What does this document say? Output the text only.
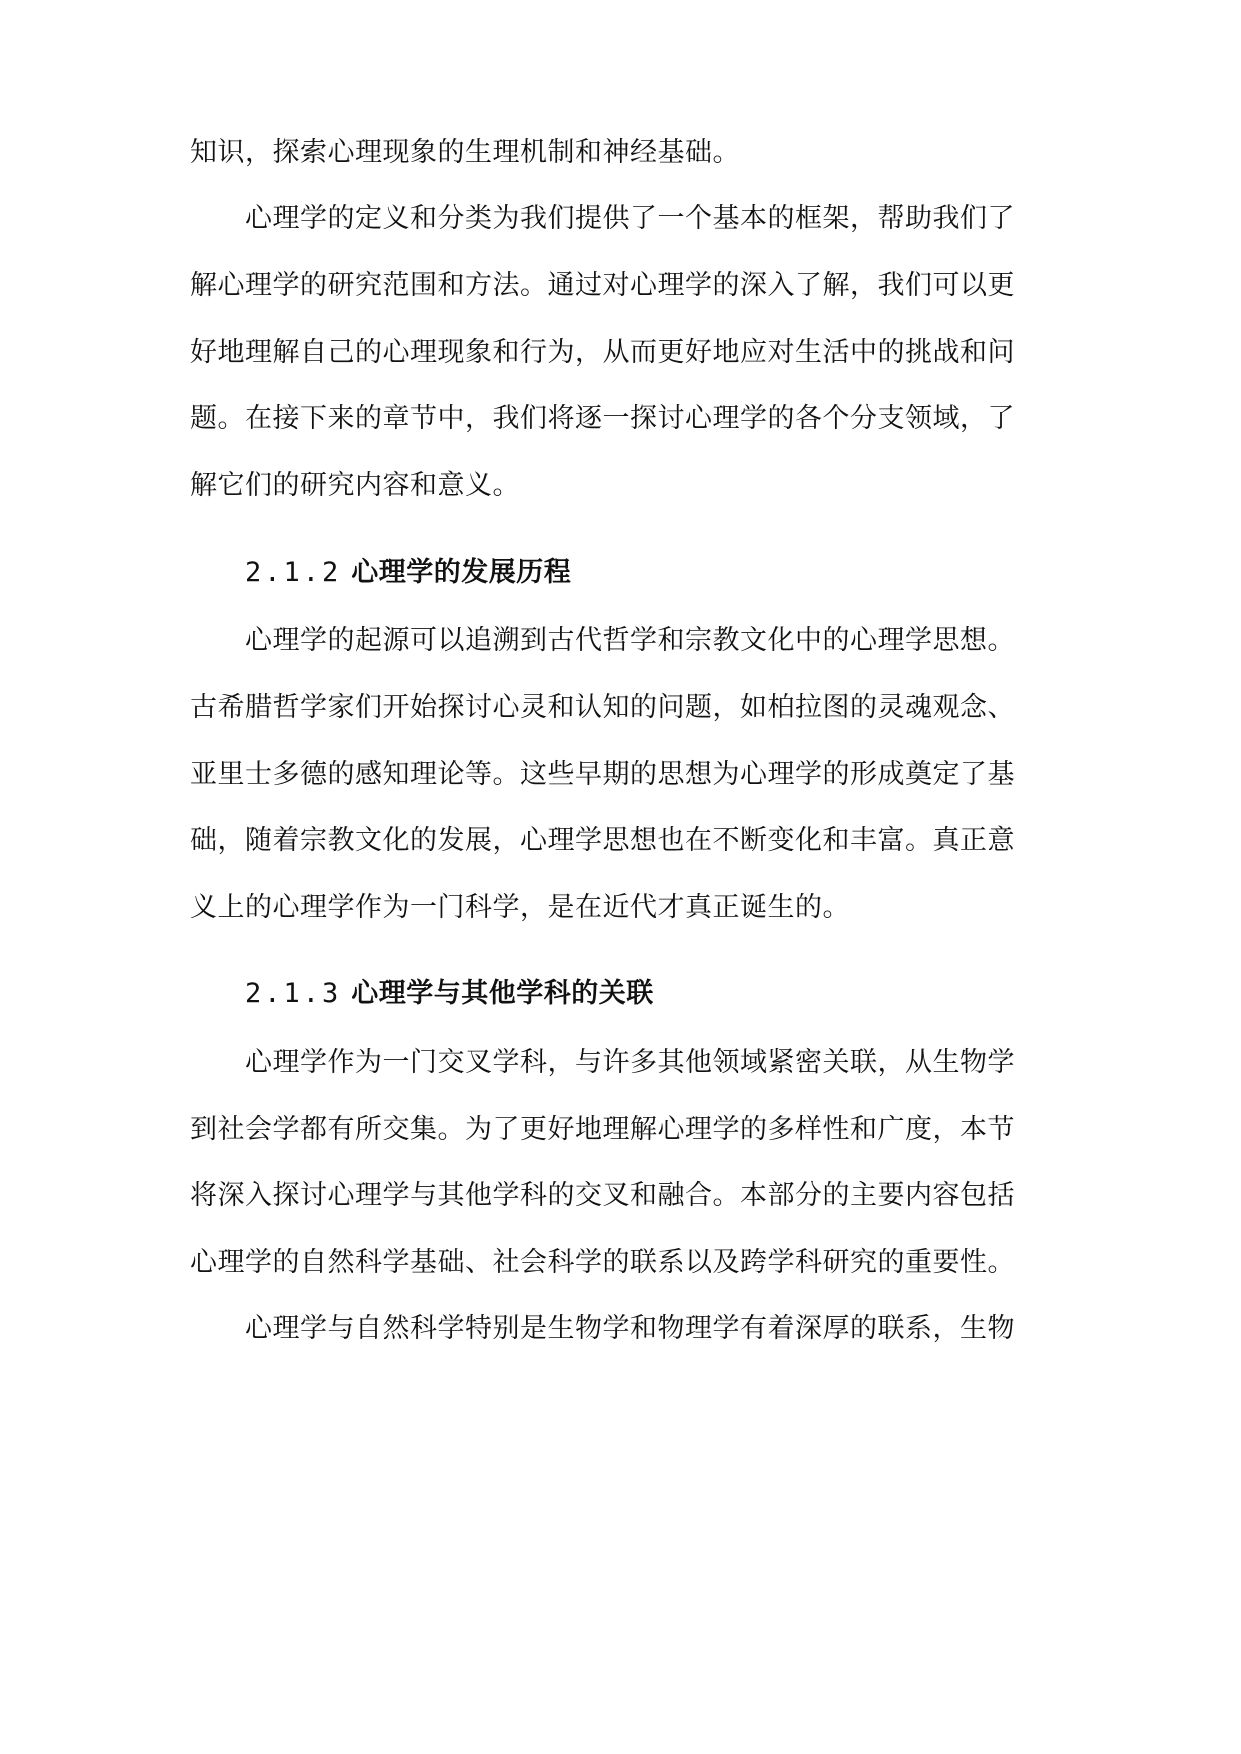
知识，探索心理现象的生理机制和神经基础。
心理学的定义和分类为我们提供了一个基本的框架，帮助我们了
解心理学的研究范围和方法。通过对心理学的深入了解，我们可以更
好地理解自己的心理现象和行为，从而更好地应对生活中的挑战和问
题。在接下来的章节中，我们将逐一探讨心理学的各个分支领域，了
解它们的研究内容和意义。
2.1.2 心理学的发展历程
心理学的起源可以追溯到古代哲学和宗教文化中的心理学思想。
古希腊哲学家们开始探讨心灵和认知的问题，如柏拉图的灵魂观念、
亚里士多德的感知理论等。这些早期的思想为心理学的形成奠定了基
础，随着宗教文化的发展，心理学思想也在不断变化和丰富。真正意
义上的心理学作为一门科学，是在近代才真正诞生的。
2.1.3 心理学与其他学科的关联
心理学作为一门交叉学科，与许多其他领域紧密关联，从生物学
到社会学都有所交集。为了更好地理解心理学的多样性和广度，本节
将深入探讨心理学与其他学科的交叉和融合。本部分的主要内容包括
心理学的自然科学基础、社会科学的联系以及跨学科研究的重要性。
心理学与自然科学特别是生物学和物理学有着深厚的联系，生物
